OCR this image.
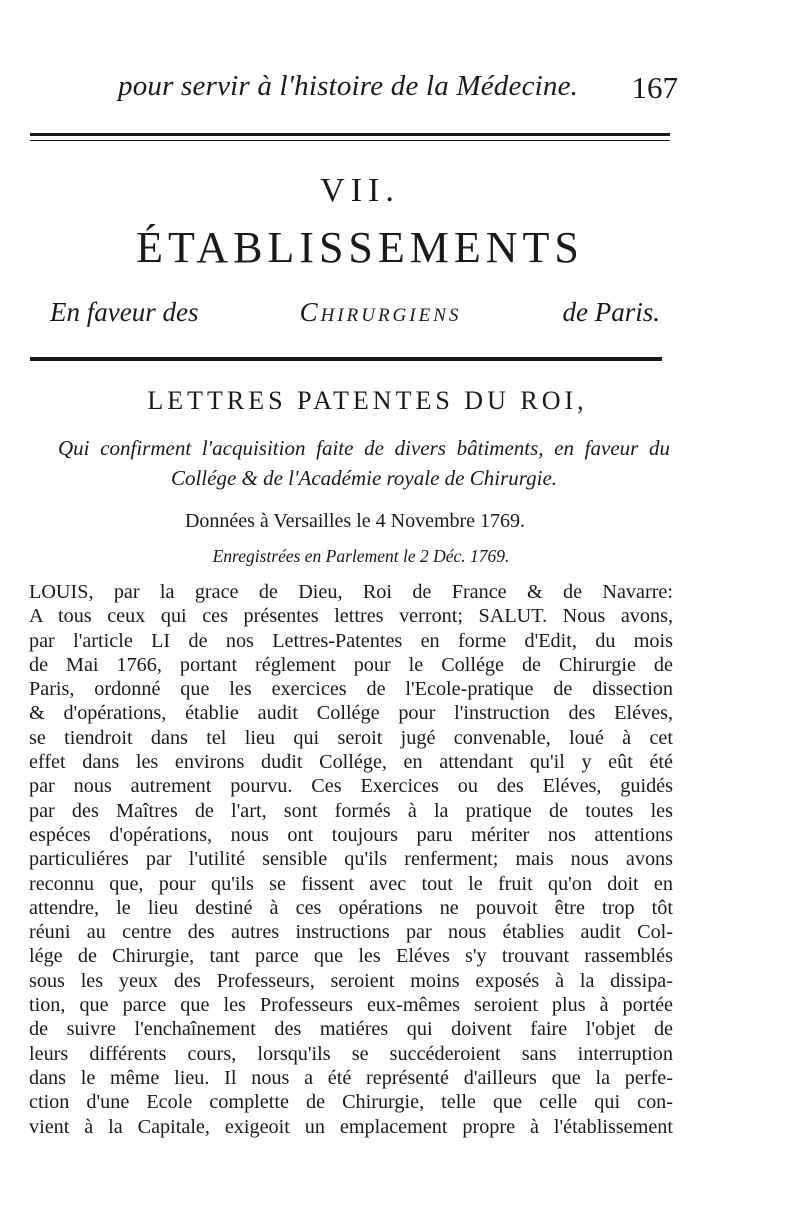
pour servir à l'histoire de la Médecine. 167
VII.
ÉTABLISSEMENTS
En faveur des	Chirurgiens	de Paris.
LETTRES PATENTES DU ROI,
Qui confirment l'acquisition faite de divers bâtiments, en faveur du Collége & de l'Académie royale de Chirurgie.
Données à Versailles le 4 Novembre 1769.
Enregistrées en Parlement le 2 Déc. 1769.
LOUIS, par la grace de Dieu, Roi de France & de Navarre:
A tous ceux qui ces présentes lettres verront; SALUT. Nous avons,
par l'article LI de nos Lettres-Patentes en forme d'Edit, du mois
de Mai 1766, portant réglement pour le Collége de Chirurgie de
Paris, ordonné que les exercices de l'Ecole-pratique de dissection
& d'opérations, établie audit Collége pour l'instruction des Eléves,
se tiendroit dans tel lieu qui seroit jugé convenable, loué à cet
effet dans les environs dudit Collége, en attendant qu'il y eût été
par nous autrement pourvu. Ces Exercices ou des Eléves, guidés
par des Maîtres de l'art, sont formés à la pratique de toutes les
espéces d'opérations, nous ont toujours paru mériter nos attentions
particuliéres par l'utilité sensible qu'ils renferment; mais nous avons
reconnu que, pour qu'ils se fissent avec tout le fruit qu'on doit en
attendre, le lieu destiné à ces opérations ne pouvoit être trop tôt
réuni au centre des autres instructions par nous établies audit Col-
lége de Chirurgie, tant parce que les Eléves s'y trouvant rassemblés
sous les yeux des Professeurs, seroient moins exposés à la dissipa-
tion, que parce que les Professeurs eux-mêmes seroient plus à portée
de suivre l'enchaînement des matiéres qui doivent faire l'objet de
leurs différents cours, lorsqu'ils se succéderoient sans interruption
dans le même lieu. Il nous a été représenté d'ailleurs que la perfe-
ction d'une Ecole complette de Chirurgie, telle que celle qui con-
vient à la Capitale, exigeoit un emplacement propre à l'établissement
